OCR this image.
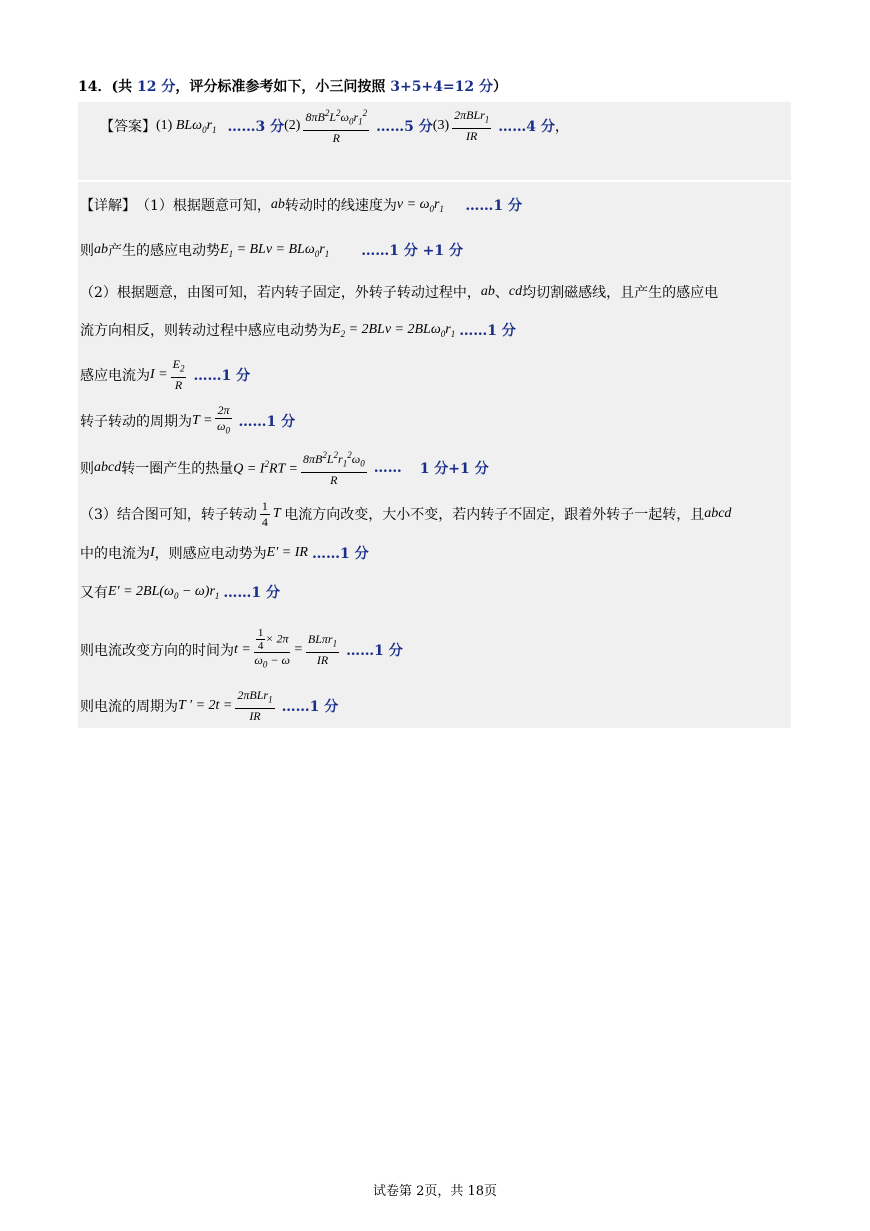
14．(共 12 分，评分标准参考如下，小三问按照 3+5+4=12 分）
【答案】 (1) $BL\omega_0r_1$ ……3 分 $(2) \frac{8\pi B^2L^2\omega_0r_1^2}{R}$ ……5 分 $(3) \frac{2\pi BLr_1}{IR}$ ……4 分 ，
【详解】 （1）根据题意可知， ab 转动时的线速度为 $v = \omega_0r_1$	……1 分
则 ab 产生的感应电动势 $E_1$ = BLv = $BL\omega_0r_1$	……1 分 +1 分
（2）根据题意，由图可知，若内转子固定，外转子转动过程中， ab 、 cd 均切割磁感线，且产生的感应电
流方向相反，则转动过程中感应电动势为 $E_2 = 2BLv = 2BL\omega_0r_1$ ……1 分
感应电流为 $I = \frac{E_2}{R}$ ……1 分
转子转动的周期为 $T = \frac{2\pi}{\omega_0}$ ……1 分
则 abcd 转一圈产生的热量 $Q = I^2RT = \frac{8\pi B^2L^2r_1^2\omega_0}{R}$ …… 1 分+1 分
（3）结合图可知，转子转动 $\frac{1}{4}$ T 电流方向改变，大小不变，若内转子不固定，跟着外转子一起转，且 abcd
中的电流为 I ，则感应电动势为 E′ = IR ……1 分
又有 $E' = 2BL(\omega_0 - \omega)r_1$ ……1 分
则电流改变方向的时间为 $t = \frac{\frac{1}{4} \times 2\pi}{\omega_0 - \omega} = \frac{BL\pi r_1}{IR}$ ……1 分
则电流的周期为 T ′ = $2t = \frac{2\pi BLr_1}{IR}$ ……1 分
试卷第 2页，共 18页
